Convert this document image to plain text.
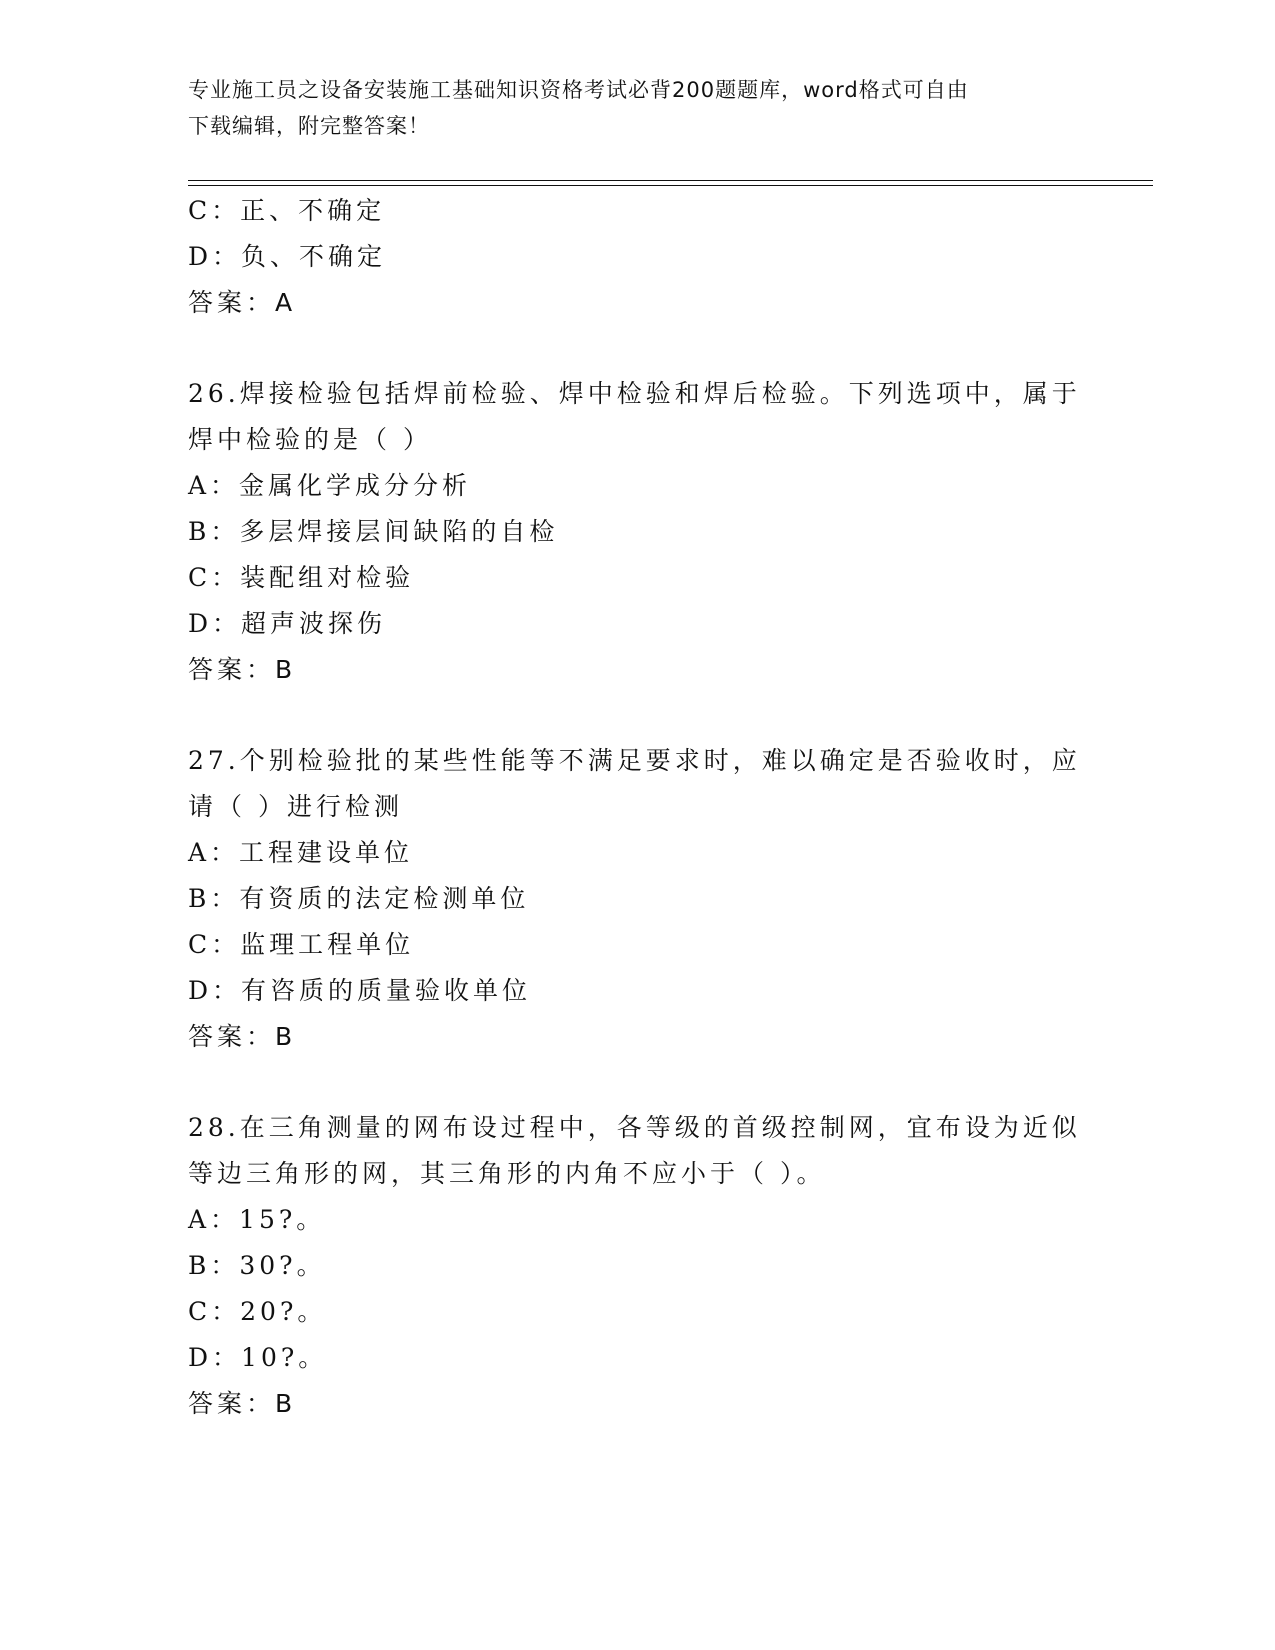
专业施工员之设备安装施工基础知识资格考试必背200题题库，word格式可自由
下载编辑，附完整答案！
C：正、不确定
D：负、不确定
答案：A
26.焊接检验包括焊前检验、焊中检验和焊后检验。下列选项中，属于
焊中检验的是（ ）
A：金属化学成分分析
B：多层焊接层间缺陷的自检
C：装配组对检验
D：超声波探伤
答案：B
27.个别检验批的某些性能等不满足要求时，难以确定是否验收时，应
请（ ）进行检测
A：工程建设单位
B：有资质的法定检测单位
C：监理工程单位
D：有咨质的质量验收单位
答案：B
28.在三角测量的网布设过程中，各等级的首级控制网，宜布设为近似
等边三角形的网，其三角形的内角不应小于（ ）。
A：15?。
B：30?。
C：20?。
D：10?。
答案：B
